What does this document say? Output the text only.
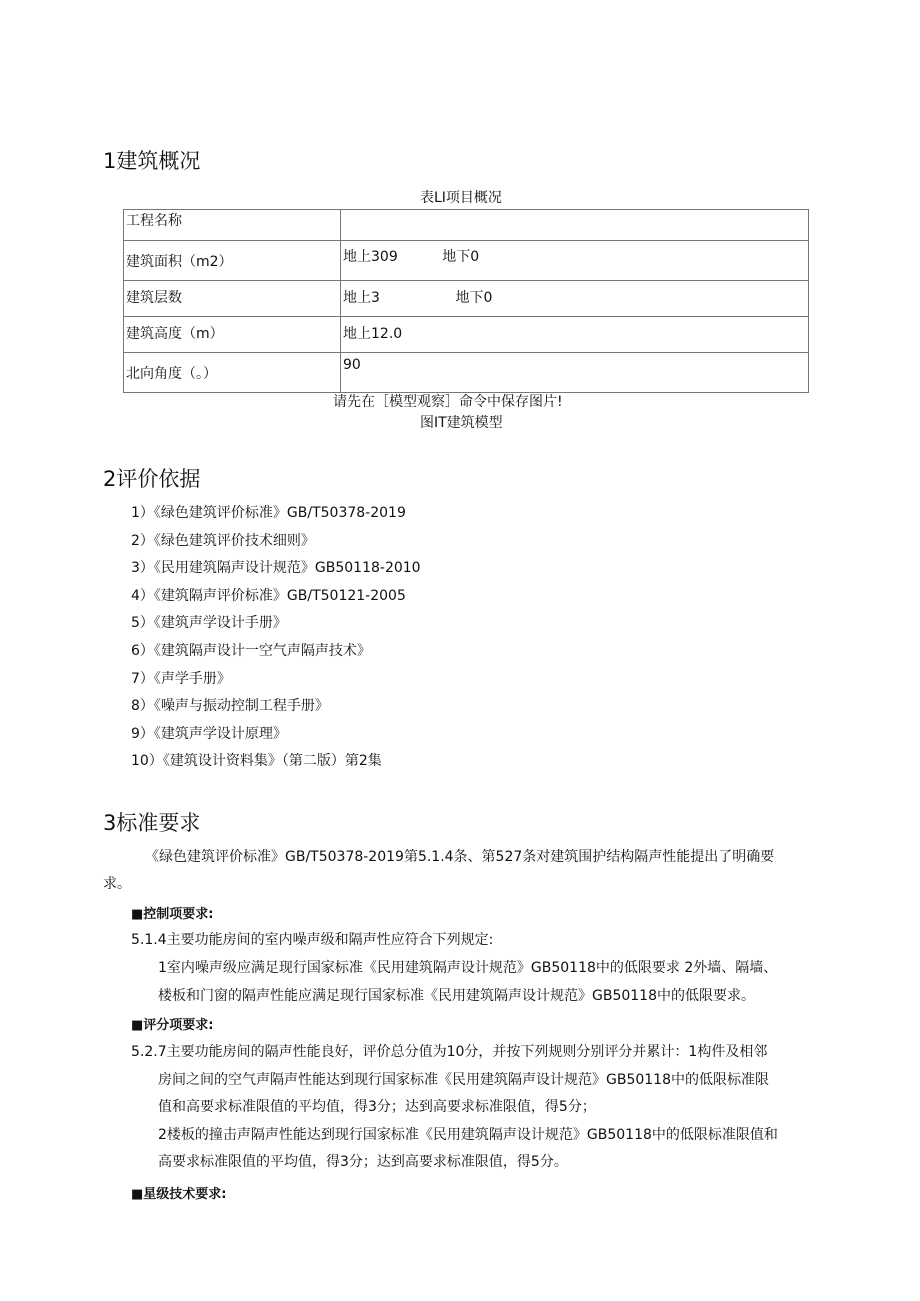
1建筑概况
表LI项目概况
工程名称	
建筑面积（m2）	地上309          地下0
建筑层数	地上3                 地下0
建筑高度（m）	地上12.0
北向角度（。）	90
请先在［模型观察］命令中保存图片!
图IT建筑模型
2评价依据
1）《绿色建筑评价标准》GB/T50378-2019
2）《绿色建筑评价技术细则》
3）《民用建筑隔声设计规范》GB50118-2010
4）《建筑隔声评价标准》GB/T50121-2005
5）《建筑声学设计手册》
6）《建筑隔声设计一空气声隔声技术》
7）《声学手册》
8）《噪声与振动控制工程手册》
9）《建筑声学设计原理》
10）《建筑设计资料集》（第二版）第2集
3标准要求
《绿色建筑评价标准》GB/T50378-2019第5.1.4条、第527条对建筑围护结构隔声性能提出了明确要
求。
■控制项要求:
5.1.4主要功能房间的室内噪声级和隔声性应符合下列规定:
1室内噪声级应满足现行国家标准《民用建筑隔声设计规范》GB50118中的低限要求 2外墙、隔墙、
楼板和门窗的隔声性能应满足现行国家标准《民用建筑隔声设计规范》GB50118中的低限要求。
■评分项要求:
5.2.7主要功能房间的隔声性能良好，评价总分值为10分，并按下列规则分别评分并累计：1构件及相邻
房间之间的空气声隔声性能达到现行国家标准《民用建筑隔声设计规范》GB50118中的低限标准限
值和高要求标准限值的平均值，得3分；达到高要求标准限值，得5分；
2楼板的撞击声隔声性能达到现行国家标准《民用建筑隔声设计规范》GB50118中的低限标准限值和
高要求标准限值的平均值，得3分；达到高要求标准限值，得5分。
■星级技术要求:
